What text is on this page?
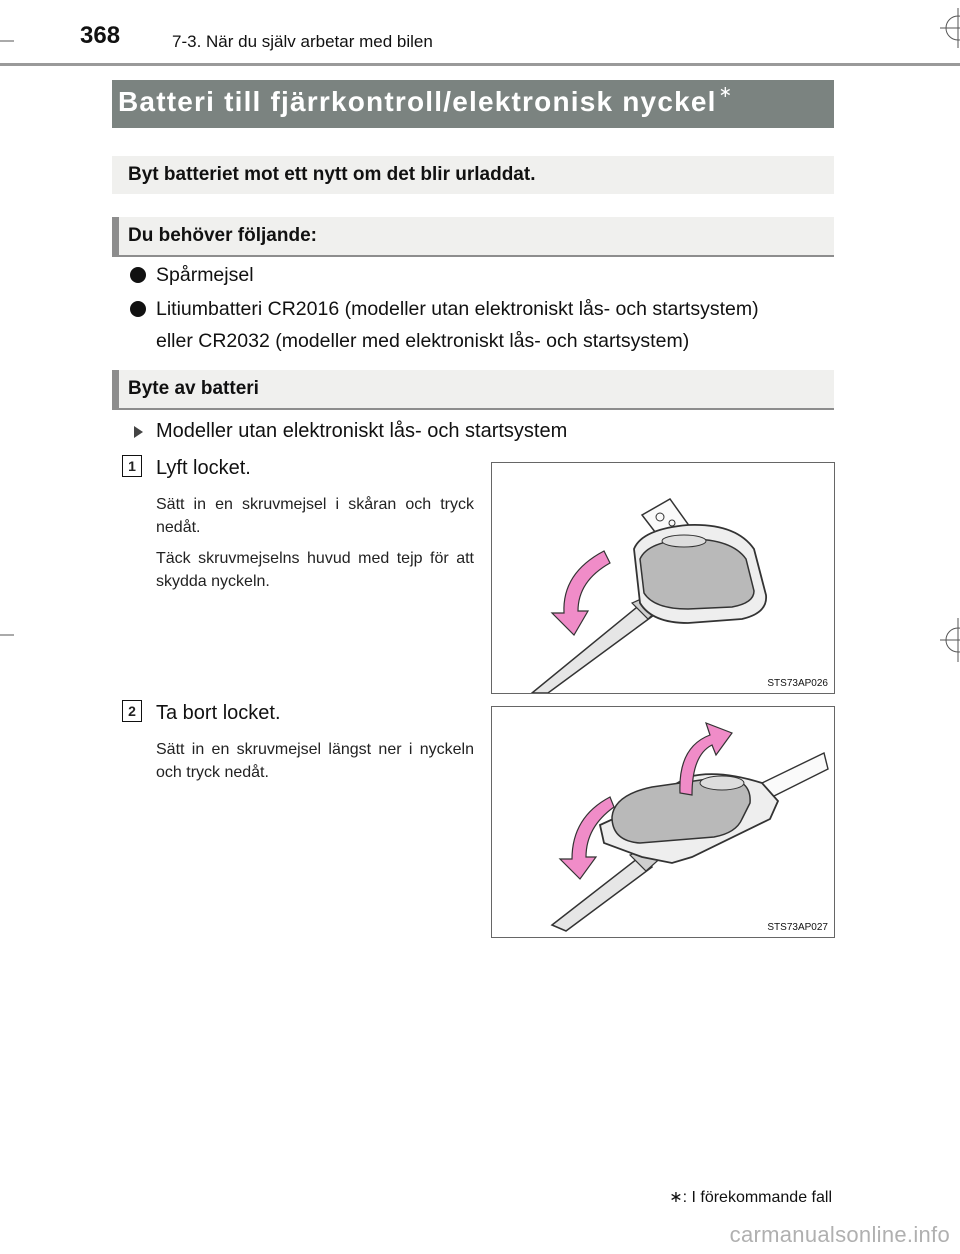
368	7-3. När du själv arbetar med bilen
Batteri till fjärrkontroll/elektronisk nyckel ∗
Byt batteriet mot ett nytt om det blir urladdat.
Du behöver följande:
Spårmejsel
Litiumbatteri CR2016 (modeller utan elektroniskt lås- och startsystem)
eller CR2032 (modeller med elektroniskt lås- och startsystem)
Byte av batteri
Modeller utan elektroniskt lås- och startsystem
1	Lyft locket.
Sätt in en skruvmejsel i skåran och tryck nedåt.
Täck skruvmejselns huvud med tejp för att skydda nyckeln.
STS73AP026
2	Ta bort locket.
Sätt in en skruvmejsel längst ner i nyckeln och tryck nedåt.
STS73AP027
∗: I förekommande fall
carmanualsonline.info
